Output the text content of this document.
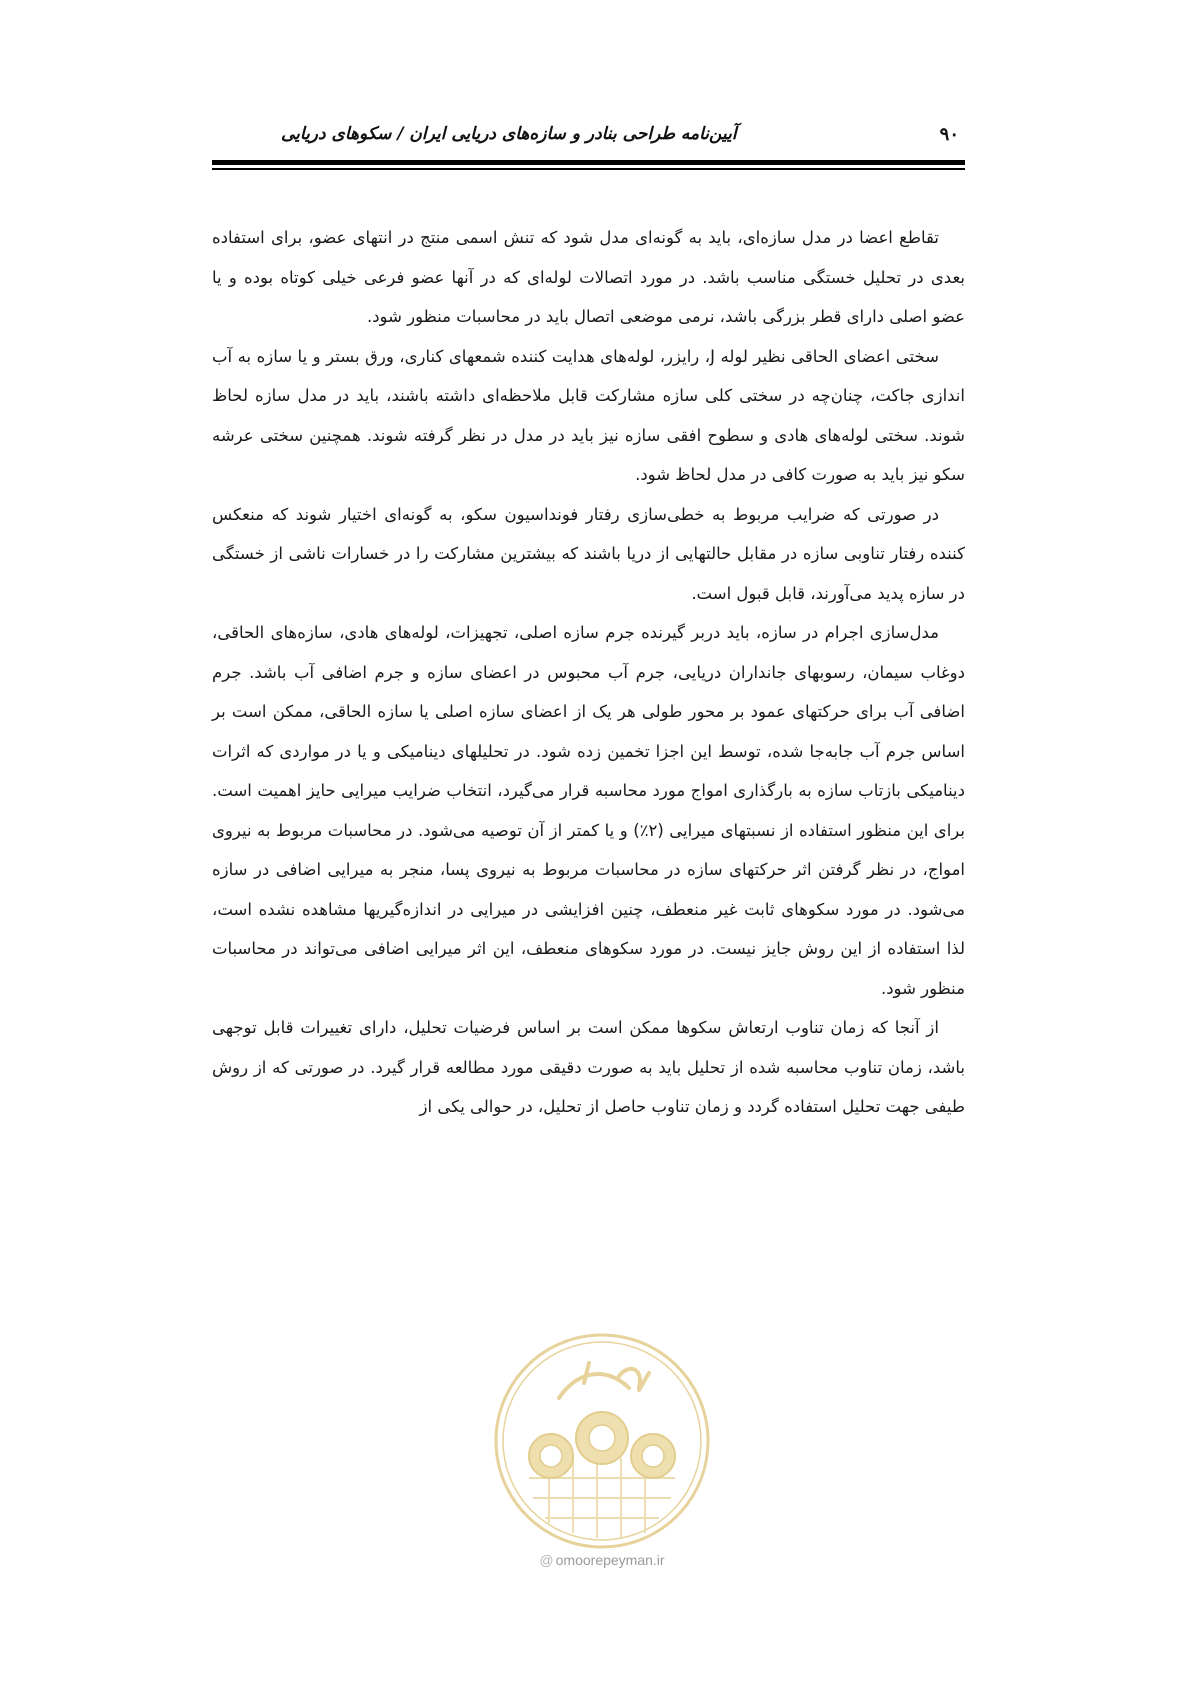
آیین‌نامه طراحی بنادر و سازه‌های دریایی ایران / سکوهای دریایی	۹۰

تقاطع اعضا در مدل سازه‌ای، باید به گونه‌ای مدل شود که تنش اسمی منتج در انتهای عضو، برای استفاده بعدی در تحلیل خستگی مناسب باشد. در مورد اتصالات لوله‌ای که در آنها عضو فرعی خیلی کوتاه بوده و یا عضو اصلی دارای قطر بزرگی باشد، نرمی موضعی اتصال باید در محاسبات منظور شود.

سختی اعضای الحاقی نظیر لوله J، رایزر، لوله‌های هدایت کننده شمعهای کناری، ورق بستر و یا سازه به آب اندازی جاکت، چنان‌چه در سختی کلی سازه مشارکت قابل ملاحظه‌ای داشته باشند، باید در مدل سازه لحاظ شوند. سختی لوله‌های هادی و سطوح افقی سازه نیز باید در مدل در نظر گرفته شوند. همچنین سختی عرشه سکو نیز باید به صورت کافی در مدل لحاظ شود.

در صورتی که ضرایب مربوط به خطی‌سازی رفتار فونداسیون سکو، به گونه‌ای اختیار شوند که منعکس کننده رفتار تناوبی سازه در مقابل حالتهایی از دریا باشند که بیشترین مشارکت را در خسارات ناشی از خستگی در سازه پدید می‌آورند، قابل قبول است.

مدل‌سازی اجرام در سازه، باید دربر گیرنده جرم سازه اصلی، تجهیزات، لوله‌های هادی، سازه‌های الحاقی، دوغاب سیمان، رسوبهای جانداران دریایی، جرم آب محبوس در اعضای سازه و جرم اضافی آب باشد. جرم اضافی آب برای حرکتهای عمود بر محور طولی هر یک از اعضای سازه اصلی یا سازه الحاقی، ممکن است بر اساس جرم آب جابه‌جا شده، توسط این اجزا تخمین زده شود. در تحلیلهای دینامیکی و یا در مواردی که اثرات دینامیکی بازتاب سازه به بارگذاری امواج مورد محاسبه قرار می‌گیرد، انتخاب ضرایب میرایی حایز اهمیت است. برای این منظور استفاده از نسبتهای میرایی (۲٪) و یا کمتر از آن توصیه می‌شود. در محاسبات مربوط به نیروی امواج، در نظر گرفتن اثر حرکتهای سازه در محاسبات مربوط به نیروی پسا، منجر به میرایی اضافی در سازه می‌شود. در مورد سکوهای ثابت غیر منعطف، چنین افزایشی در میرایی در اندازه‌گیریها مشاهده نشده است، لذا استفاده از این روش جایز نیست. در مورد سکوهای منعطف، این اثر میرایی اضافی می‌تواند در محاسبات منظور شود.

از آنجا که زمان تناوب ارتعاش سکوها ممکن است بر اساس فرضیات تحلیل، دارای تغییرات قابل توجهی باشد، زمان تناوب محاسبه شده از تحلیل باید به صورت دقیقی مورد مطالعه قرار گیرد. در صورتی که از روش طیفی جهت تحلیل استفاده گردد و زمان تناوب حاصل از تحلیل، در حوالی یکی از

@ omoorepeyman.ir
